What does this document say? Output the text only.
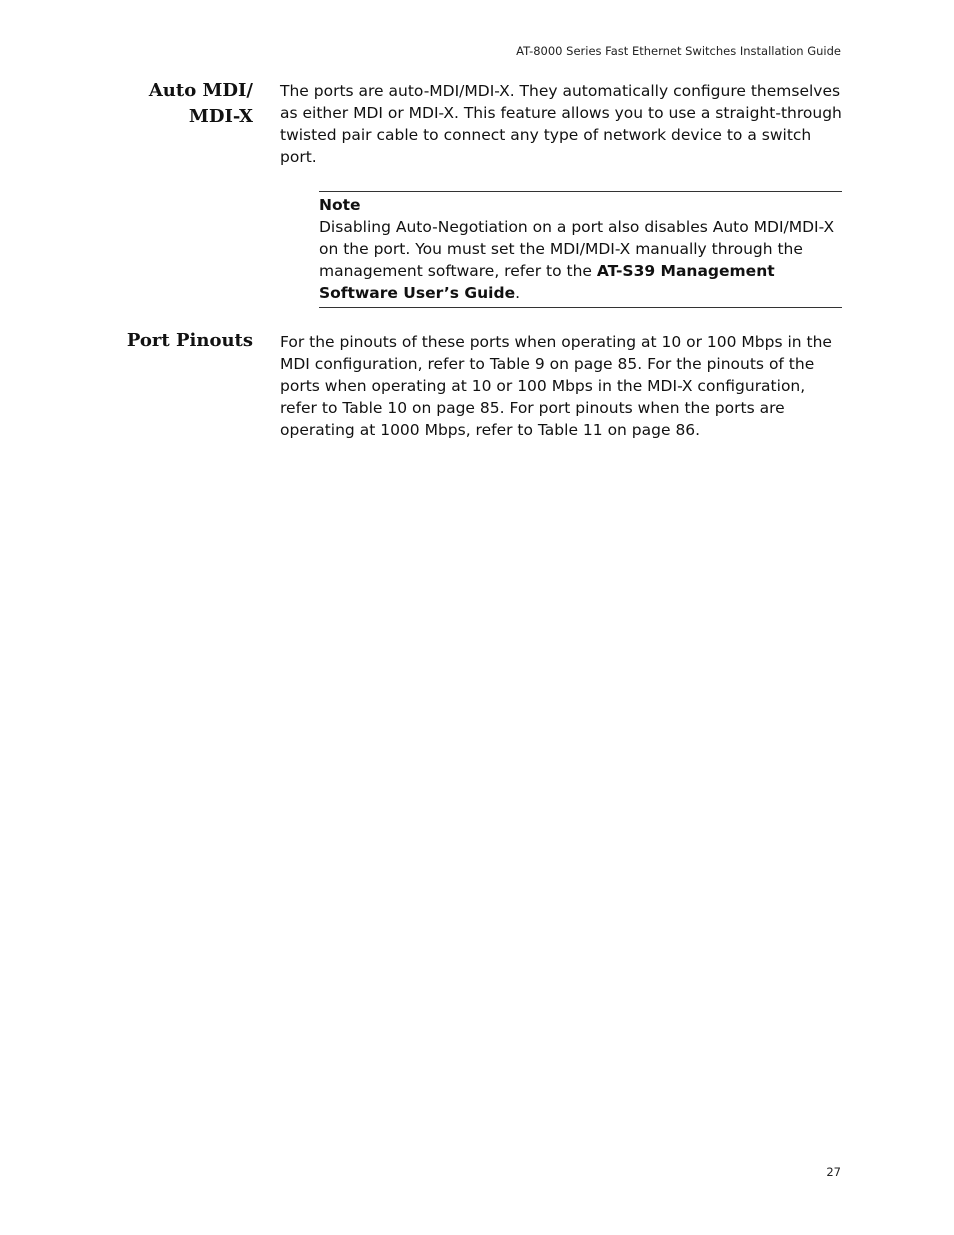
AT-8000 Series Fast Ethernet Switches Installation Guide
Auto MDI/
MDI-X

The ports are auto-MDI/MDI-X. They automatically configure themselves as either MDI or MDI-X. This feature allows you to use a straight-through twisted pair cable to connect any type of network device to a switch port.

Note

Disabling Auto-Negotiation on a port also disables Auto MDI/MDI-X on the port. You must set the MDI/MDI-X manually through the management software, refer to the AT-S39 Management Software User’s Guide.

Port Pinouts For the pinouts of these ports when operating at 10 or 100 Mbps in the MDI configuration, refer to Table 9 on page 85. For the pinouts of the ports when operating at 10 or 100 Mbps in the MDI-X configuration, refer to Table 10 on page 85. For port pinouts when the ports are operating at 1000 Mbps, refer to Table 11 on page 86.

27
